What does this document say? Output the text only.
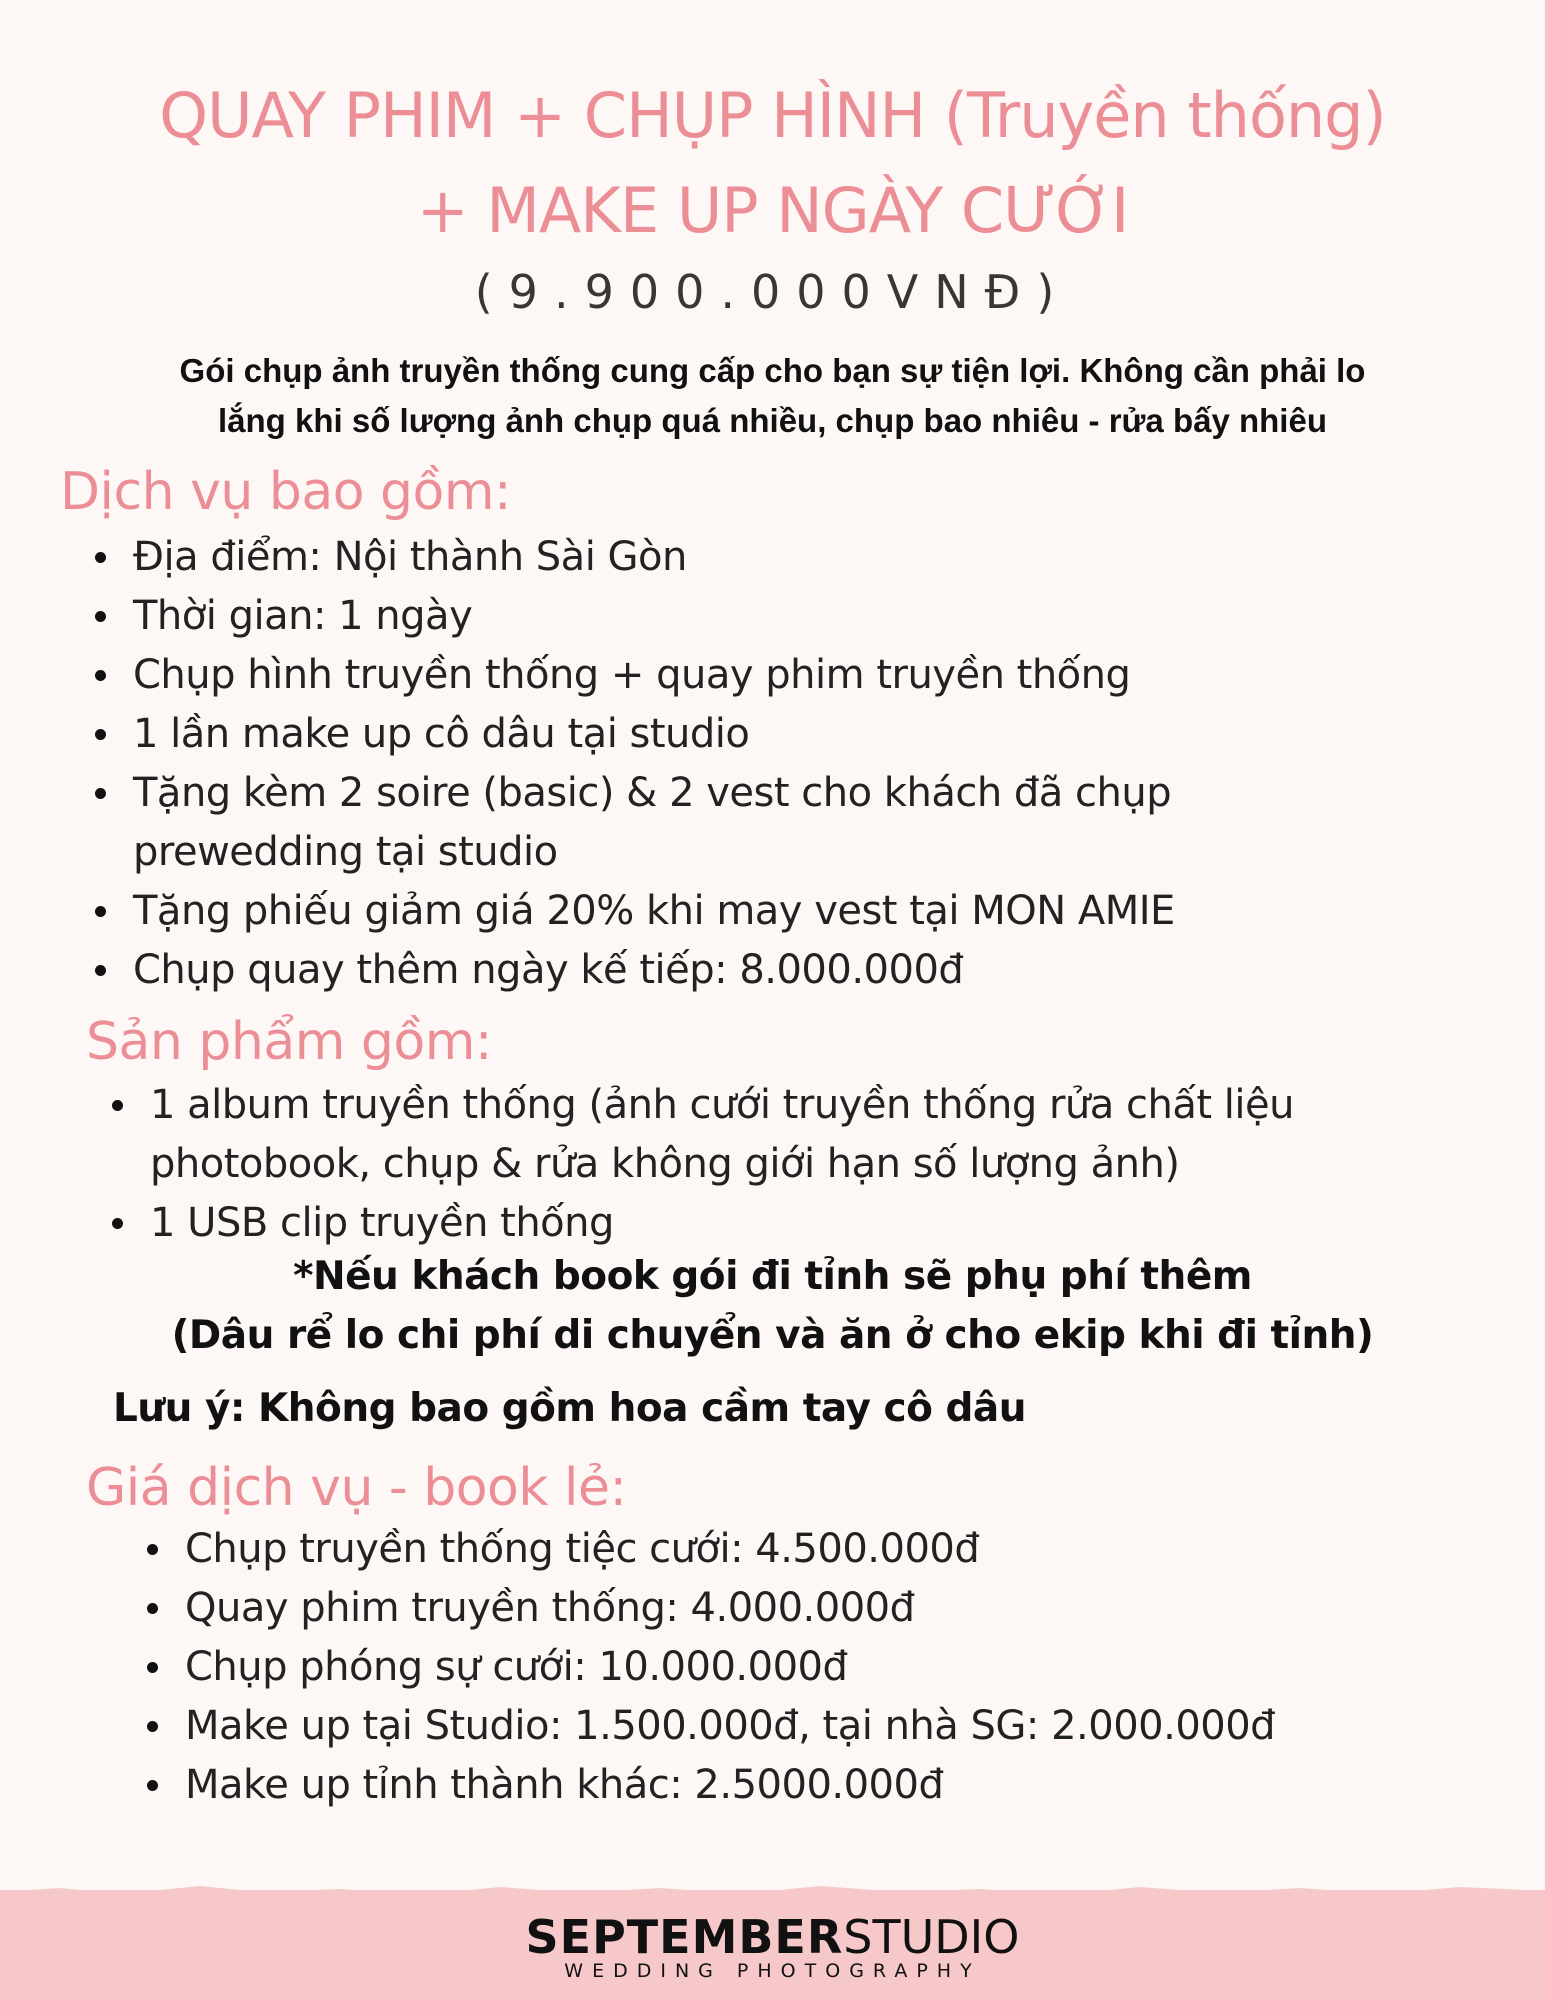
QUAY PHIM + CHỤP HÌNH (Truyền thống)
+ MAKE UP NGÀY CƯỚI
(9.900.000VNĐ)
Gói chụp ảnh truyền thống cung cấp cho bạn sự tiện lợi. Không cần phải lo
lắng khi số lượng ảnh chụp quá nhiều, chụp bao nhiêu - rửa bấy nhiêu
Dịch vụ bao gồm:
Địa điểm: Nội thành Sài Gòn
Thời gian: 1 ngày
Chụp hình truyền thống + quay phim truyền thống
1 lần make up cô dâu tại studio
Tặng kèm 2 soire (basic) & 2 vest cho khách đã chụp
prewedding tại studio
Tặng phiếu giảm giá 20% khi may vest tại MON AMIE
Chụp quay thêm ngày kế tiếp: 8.000.000đ
Sản phẩm gồm:
1 album truyền thống (ảnh cưới truyền thống rửa chất liệu
photobook, chụp & rửa không giới hạn số lượng ảnh)
1 USB clip truyền thống
*Nếu khách book gói đi tỉnh sẽ phụ phí thêm
(Dâu rể lo chi phí di chuyển và ăn ở cho ekip khi đi tỉnh)
Lưu ý: Không bao gồm hoa cầm tay cô dâu
Giá dịch vụ - book lẻ:
Chụp truyền thống tiệc cưới: 4.500.000đ
Quay phim truyền thống: 4.000.000đ
Chụp phóng sự cưới: 10.000.000đ
Make up tại Studio: 1.500.000đ, tại nhà SG: 2.000.000đ
Make up tỉnh thành khác: 2.5000.000đ
SEPTEMBERSTUDIO
WEDDING PHOTOGRAPHY
